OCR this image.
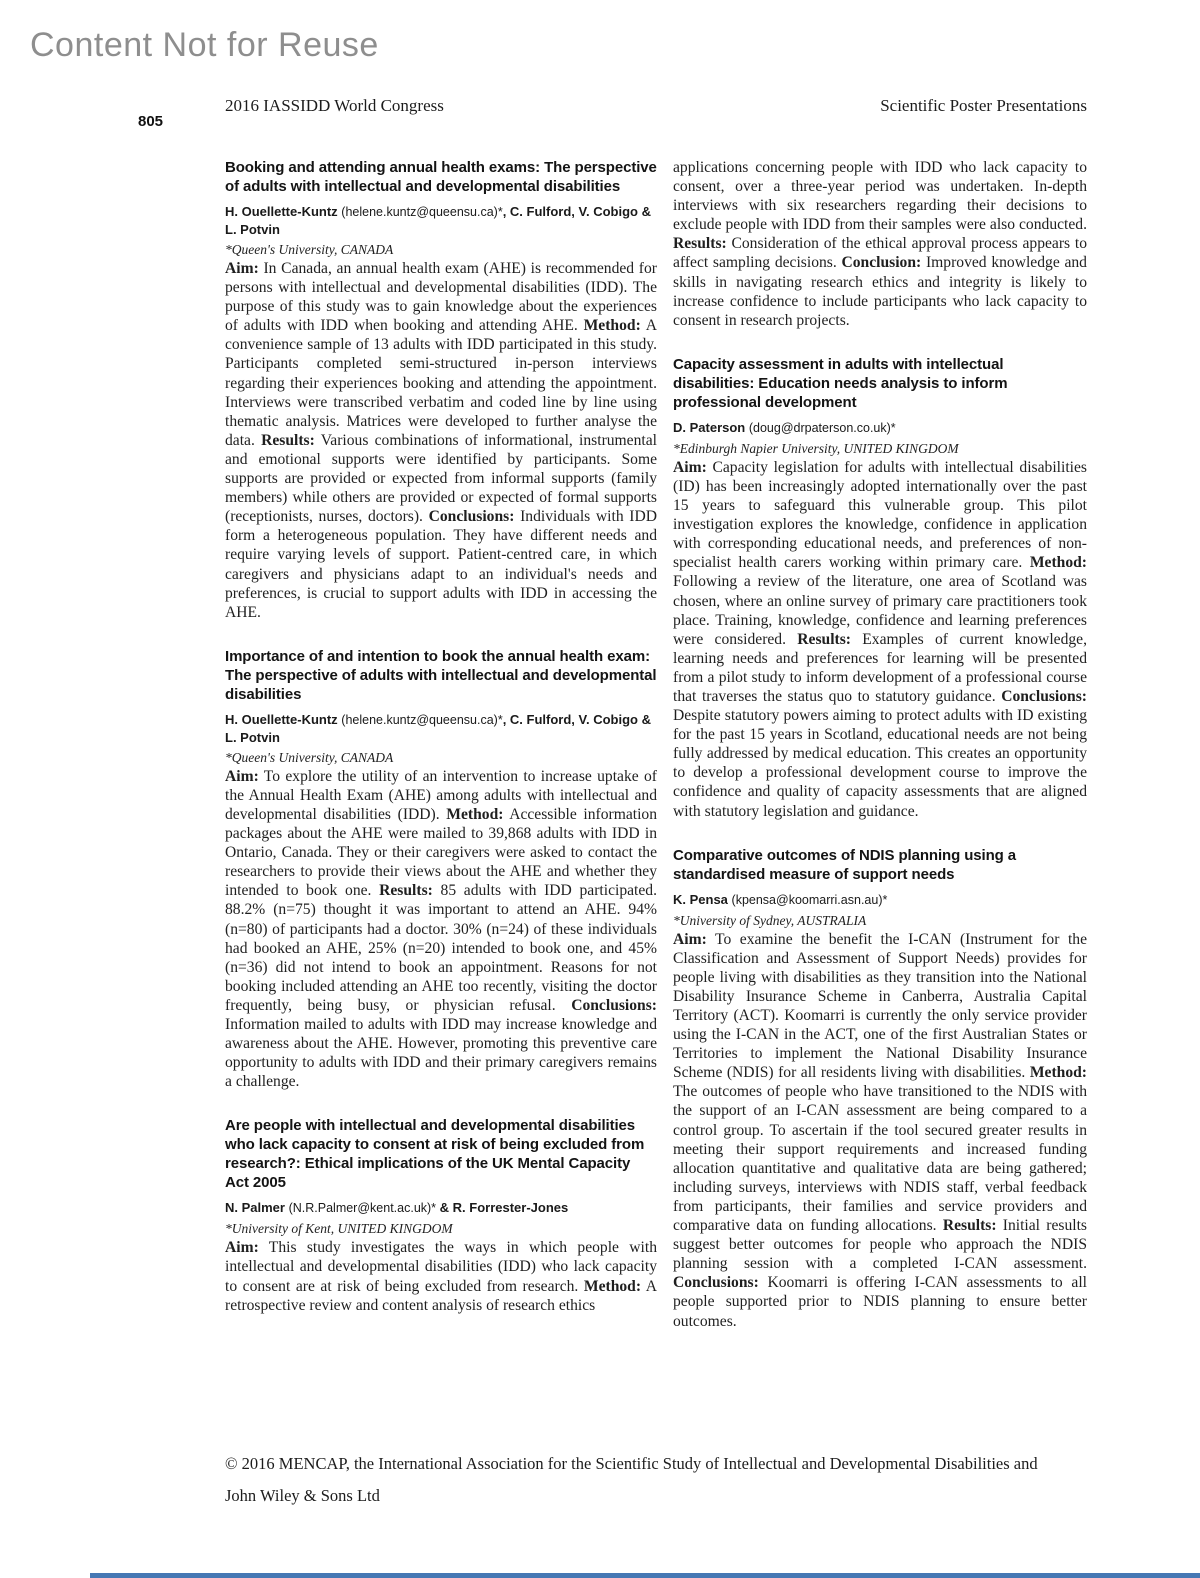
Content Not for Reuse
2016 IASSIDD World Congress	Scientific Poster Presentations
805
Booking and attending annual health exams: The perspective of adults with intellectual and developmental disabilities

H. Ouellette-Kuntz (helene.kuntz@queensu.ca)*, C. Fulford, V. Cobigo & L. Potvin

*Queen's University, CANADA

Aim: In Canada, an annual health exam (AHE) is recommended for persons with intellectual and developmental disabilities (IDD). The purpose of this study was to gain knowledge about the experiences of adults with IDD when booking and attending AHE. Method: A convenience sample of 13 adults with IDD participated in this study. Participants completed semi-structured in-person interviews regarding their experiences booking and attending the appointment. Interviews were transcribed verbatim and coded line by line using thematic analysis. Matrices were developed to further analyse the data. Results: Various combinations of informational, instrumental and emotional supports were identified by participants. Some supports are provided or expected from informal supports (family members) while others are provided or expected of formal supports (receptionists, nurses, doctors). Conclusions: Individuals with IDD form a heterogeneous population. They have different needs and require varying levels of support. Patient-centred care, in which caregivers and physicians adapt to an individual's needs and preferences, is crucial to support adults with IDD in accessing the AHE.

Importance of and intention to book the annual health exam: The perspective of adults with intellectual and developmental disabilities

H. Ouellette-Kuntz (helene.kuntz@queensu.ca)*, C. Fulford, V. Cobigo & L. Potvin

*Queen's University, CANADA

Aim: To explore the utility of an intervention to increase uptake of the Annual Health Exam (AHE) among adults with intellectual and developmental disabilities (IDD). Method: Accessible information packages about the AHE were mailed to 39,868 adults with IDD in Ontario, Canada. They or their caregivers were asked to contact the researchers to provide their views about the AHE and whether they intended to book one. Results: 85 adults with IDD participated. 88.2% (n=75) thought it was important to attend an AHE. 94% (n=80) of participants had a doctor. 30% (n=24) of these individuals had booked an AHE, 25% (n=20) intended to book one, and 45% (n=36) did not intend to book an appointment. Reasons for not booking included attending an AHE too recently, visiting the doctor frequently, being busy, or physician refusal. Conclusions: Information mailed to adults with IDD may increase knowledge and awareness about the AHE. However, promoting this preventive care opportunity to adults with IDD and their primary caregivers remains a challenge.

Are people with intellectual and developmental disabilities who lack capacity to consent at risk of being excluded from research?: Ethical implications of the UK Mental Capacity Act 2005

N. Palmer (N.R.Palmer@kent.ac.uk)* & R. Forrester-Jones

*University of Kent, UNITED KINGDOM

Aim: This study investigates the ways in which people with intellectual and developmental disabilities (IDD) who lack capacity to consent are at risk of being excluded from research. Method: A retrospective review and content analysis of research ethics

applications concerning people with IDD who lack capacity to consent, over a three-year period was undertaken. In-depth interviews with six researchers regarding their decisions to exclude people with IDD from their samples were also conducted. Results: Consideration of the ethical approval process appears to affect sampling decisions. Conclusion: Improved knowledge and skills in navigating research ethics and integrity is likely to increase confidence to include participants who lack capacity to consent in research projects.

Capacity assessment in adults with intellectual disabilities: Education needs analysis to inform professional development

D. Paterson (doug@drpaterson.co.uk)*

*Edinburgh Napier University, UNITED KINGDOM

Aim: Capacity legislation for adults with intellectual disabilities (ID) has been increasingly adopted internationally over the past 15 years to safeguard this vulnerable group. This pilot investigation explores the knowledge, confidence in application with corresponding educational needs, and preferences of non-specialist health carers working within primary care. Method: Following a review of the literature, one area of Scotland was chosen, where an online survey of primary care practitioners took place. Training, knowledge, confidence and learning preferences were considered. Results: Examples of current knowledge, learning needs and preferences for learning will be presented from a pilot study to inform development of a professional course that traverses the status quo to statutory guidance. Conclusions: Despite statutory powers aiming to protect adults with ID existing for the past 15 years in Scotland, educational needs are not being fully addressed by medical education. This creates an opportunity to develop a professional development course to improve the confidence and quality of capacity assessments that are aligned with statutory legislation and guidance.

Comparative outcomes of NDIS planning using a standardised measure of support needs

K. Pensa (kpensa@koomarri.asn.au)*

*University of Sydney, AUSTRALIA

Aim: To examine the benefit the I-CAN (Instrument for the Classification and Assessment of Support Needs) provides for people living with disabilities as they transition into the National Disability Insurance Scheme in Canberra, Australia Capital Territory (ACT). Koomarri is currently the only service provider using the I-CAN in the ACT, one of the first Australian States or Territories to implement the National Disability Insurance Scheme (NDIS) for all residents living with disabilities. Method: The outcomes of people who have transitioned to the NDIS with the support of an I-CAN assessment are being compared to a control group. To ascertain if the tool secured greater results in meeting their support requirements and increased funding allocation quantitative and qualitative data are being gathered; including surveys, interviews with NDIS staff, verbal feedback from participants, their families and service providers and comparative data on funding allocations. Results: Initial results suggest better outcomes for people who approach the NDIS planning session with a completed I-CAN assessment. Conclusions: Koomarri is offering I-CAN assessments to all people supported prior to NDIS planning to ensure better outcomes.

© 2016 MENCAP, the International Association for the Scientific Study of Intellectual and Developmental Disabilities and
John Wiley & Sons Ltd
